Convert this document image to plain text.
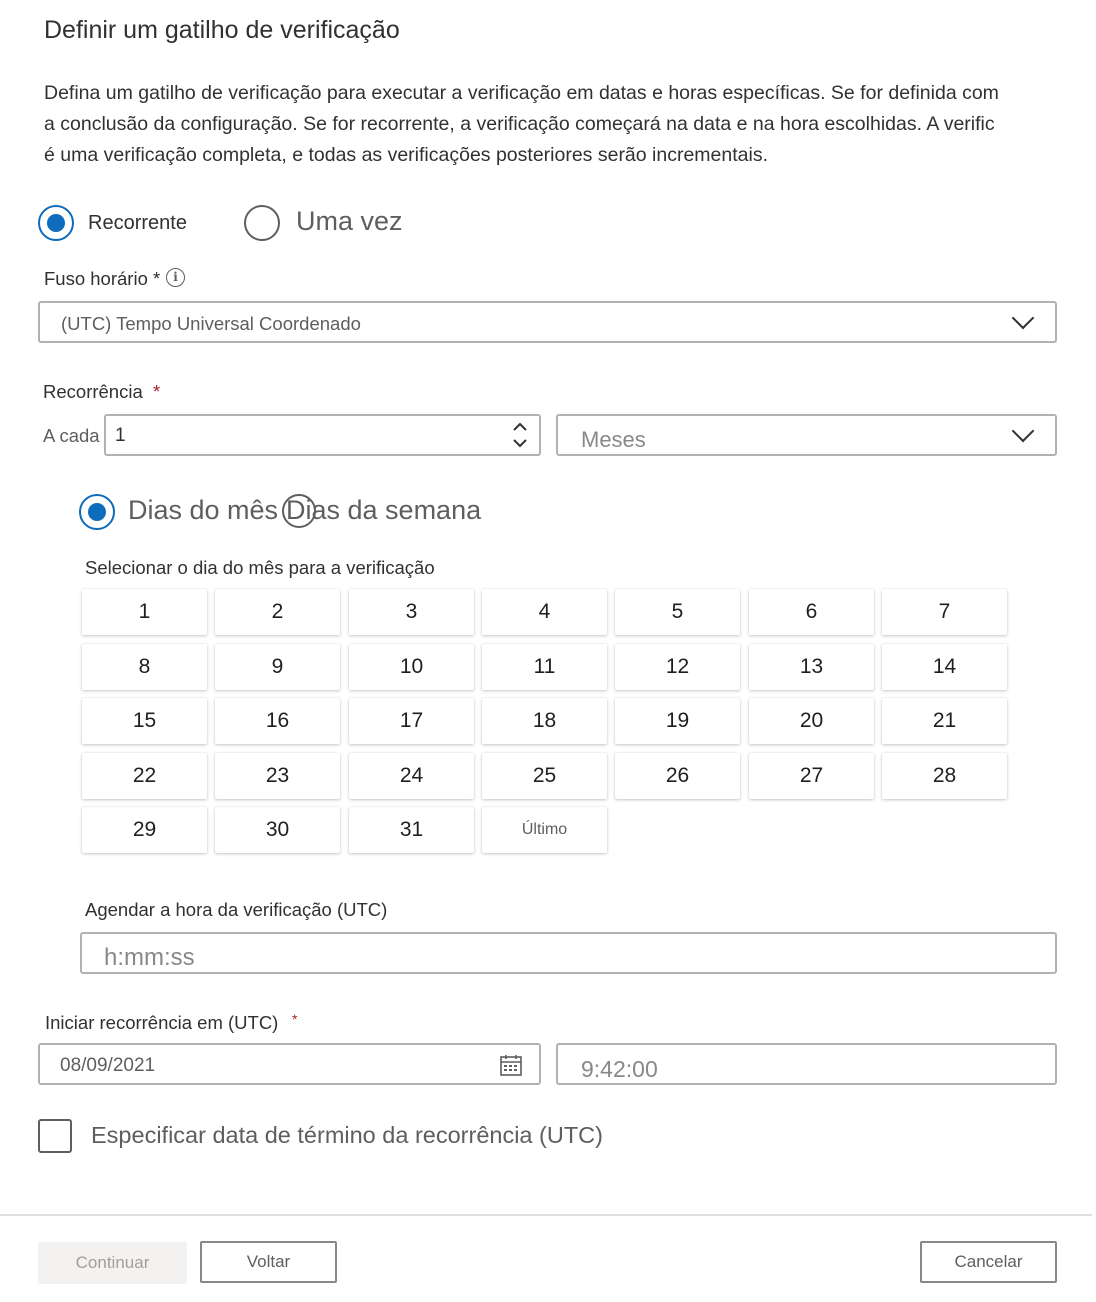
Definir um gatilho de verificação
Defina um gatilho de verificação para executar a verificação em datas e horas específicas. Se for definida com
a conclusão da configuração. Se for recorrente, a verificação começará na data e na hora escolhidas. A verific
é uma verificação completa, e todas as verificações posteriores serão incrementais.
Recorrente	Uma vez
Fuso horário *	i
(UTC) Tempo Universal Coordenado
Recorrência *
A cada 1	Meses
Dias do mês Dias da semana
Selecionar o dia do mês para a verificação
1	2	3	4	5	6	7
8	9	10	11	12	13	14
15	16	17	18	19	20	21
22	23	24	25	26	27	28
29	30	31	Último
Agendar a hora da verificação (UTC)
h:mm:ss
Iniciar recorrência em (UTC) *
08/09/2021	9:42:00
Especificar data de término da recorrência (UTC)
Continuar	Voltar	Cancelar
